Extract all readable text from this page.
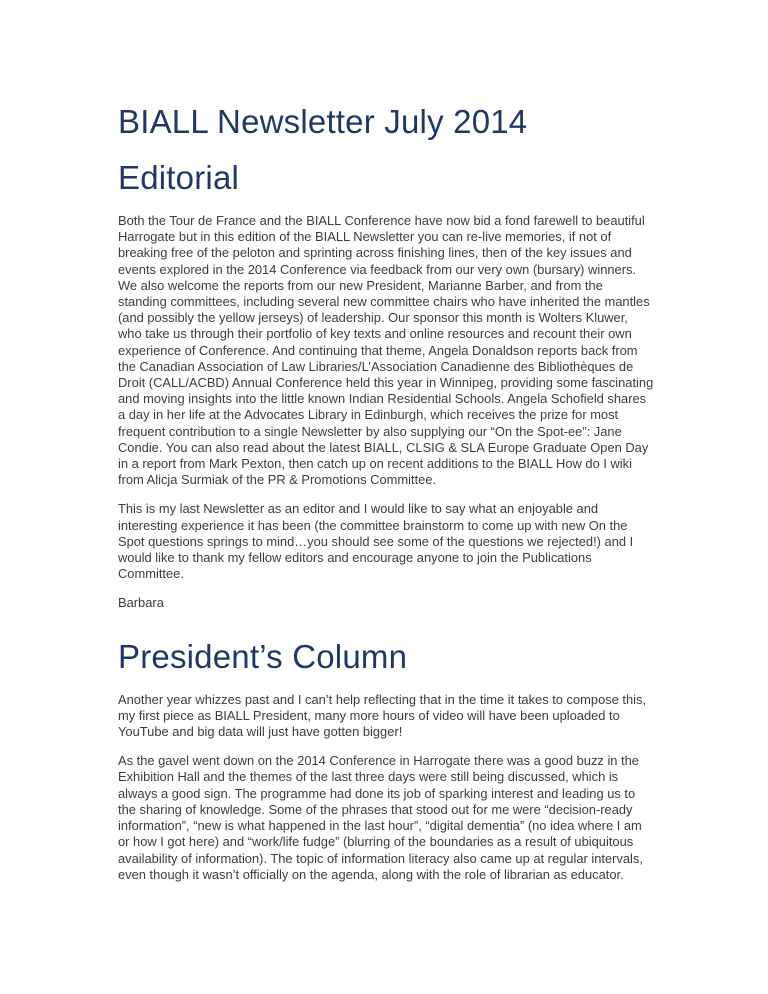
BIALL Newsletter July 2014
Editorial

Both the Tour de France and the BIALL Conference have now bid a fond farewell to beautiful Harrogate but in this edition of the BIALL Newsletter you can re-live memories, if not of breaking free of the peloton and sprinting across finishing lines, then of the key issues and events explored in the 2014 Conference via feedback from our very own (bursary) winners. We also welcome the reports from our new President, Marianne Barber, and from the standing committees, including several new committee chairs who have inherited the mantles (and possibly the yellow jerseys) of leadership. Our sponsor this month is Wolters Kluwer, who take us through their portfolio of key texts and online resources and recount their own experience of Conference. And continuing that theme, Angela Donaldson reports back from the Canadian Association of Law Libraries/L’Association Canadienne des Bibliothèques de Droit (CALL/ACBD) Annual Conference held this year in Winnipeg, providing some fascinating and moving insights into the little known Indian Residential Schools. Angela Schofield shares a day in her life at the Advocates Library in Edinburgh, which receives the prize for most frequent contribution to a single Newsletter by also supplying our “On the Spot-ee”: Jane Condie. You can also read about the latest BIALL, CLSIG & SLA Europe Graduate Open Day in a report from Mark Pexton, then catch up on recent additions to the BIALL How do I wiki from Alicja Surmiak of the PR & Promotions Committee.

This is my last Newsletter as an editor and I would like to say what an enjoyable and interesting experience it has been (the committee brainstorm to come up with new On the Spot questions springs to mind…you should see some of the questions we rejected!) and I would like to thank my fellow editors and encourage anyone to join the Publications Committee.

Barbara

President’s Column

Another year whizzes past and I can’t help reflecting that in the time it takes to compose this, my first piece as BIALL President, many more hours of video will have been uploaded to YouTube and big data will just have gotten bigger!

As the gavel went down on the 2014 Conference in Harrogate there was a good buzz in the Exhibition Hall and the themes of the last three days were still being discussed, which is always a good sign. The programme had done its job of sparking interest and leading us to the sharing of knowledge. Some of the phrases that stood out for me were “decision-ready information”, “new is what happened in the last hour”, “digital dementia” (no idea where I am or how I got here) and “work/life fudge” (blurring of the boundaries as a result of ubiquitous availability of information). The topic of information literacy also came up at regular intervals, even though it wasn’t officially on the agenda, along with the role of librarian as educator.
